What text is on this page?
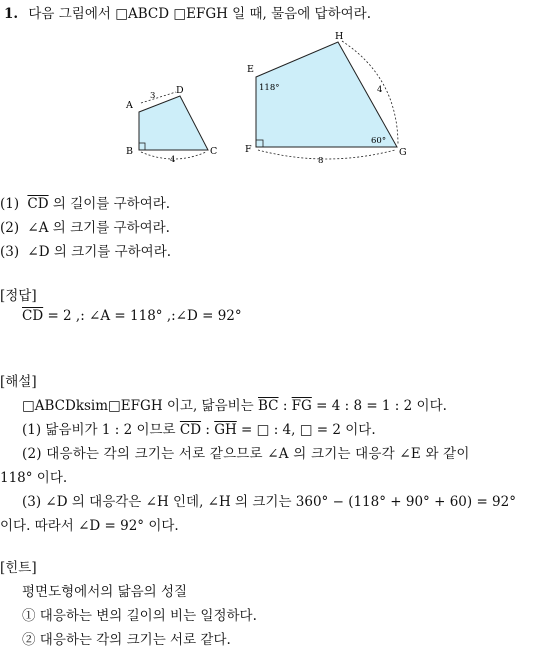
1. 다음 그림에서 □ABCD □EFGH 일 때, 물음에 답하여라.
A
D
B	C
3
4
E
H
F	G
118°
60°
4
8
(1) $\overline{CD}$ 의 길이를 구하여라.
(2) ∠A 의 크기를 구하여라.
(3) ∠D 의 크기를 구하여라.
[정답]
$\overline{CD} = 2$ ,: ∠A = 118° ,:∠D = 92°
[해설]
□ABCDksim□EFGH 이고, 닮음비는 $\overline{BC}$ : $\overline{FG} = 4$ : 8 = 1 : 2 이다.
(1) 닮음비가 1 : 2 이므로 $\overline{CD}$ : $\overline{GH}$ = □ : 4, □ = 2 이다.
(2) 대응하는 각의 크기는 서로 같으므로 ∠A 의 크기는 대응각 ∠E 와 같이
118° 이다.
(3) ∠D 의 대응각은 ∠H 인데, ∠H 의 크기는 360° − (118° + 90° + 60) = 92°
이다. 따라서 ∠D = 92° 이다.
[힌트]
평면도형에서의 닮음의 성질
① 대응하는 변의 길이의 비는 일정하다.
② 대응하는 각의 크기는 서로 같다.
